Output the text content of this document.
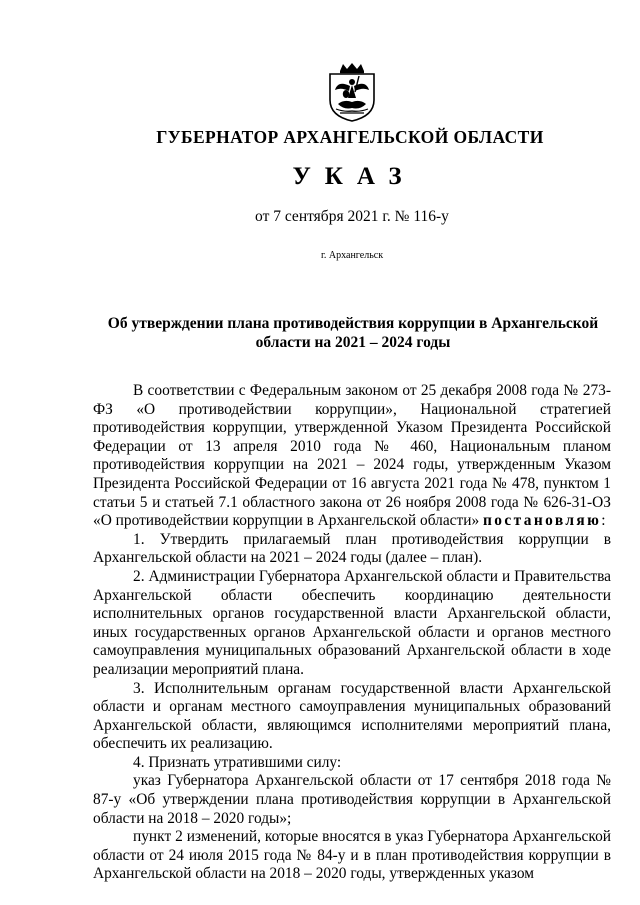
ГУБЕРНАТОР АРХАНГЕЛЬСКОЙ ОБЛАСТИ
УКАЗ
от 7 сентября 2021 г. № 116-у
г. Архангельск
Об утверждении плана противодействия коррупции в Архангельской
области на 2021 – 2024 годы

В соответствии с Федеральным законом от 25 декабря 2008 года № 273-ФЗ «О противодействии коррупции», Национальной стратегией противодействия коррупции, утвержденной Указом Президента Российской Федерации от 13 апреля 2010 года № 460, Национальным планом противодействия коррупции на 2021 – 2024 годы, утвержденным Указом Президента Российской Федерации от 16 августа 2021 года № 478, пунктом 1 статьи 5 и статьей 7.1 областного закона от 26 ноября 2008 года № 626-31-ОЗ «О противодействии коррупции в Архангельской области» постановляю:

1. Утвердить прилагаемый план противодействия коррупции в Архангельской области на 2021 – 2024 годы (далее – план).

2. Администрации Губернатора Архангельской области и Правительства Архангельской области обеспечить координацию деятельности исполнительных органов государственной власти Архангельской области, иных государственных органов Архангельской области и органов местного самоуправления муниципальных образований Архангельской области в ходе реализации мероприятий плана.

3. Исполнительным органам государственной власти Архангельской области и органам местного самоуправления муниципальных образований Архангельской области, являющимся исполнителями мероприятий плана, обеспечить их реализацию.

4. Признать утратившими силу:

указ Губернатора Архангельской области от 17 сентября 2018 года № 87-у «Об утверждении плана противодействия коррупции в Архангельской области на 2018 – 2020 годы»;

пункт 2 изменений, которые вносятся в указ Губернатора Архангельской области от 24 июля 2015 года № 84-у и в план противодействия коррупции в Архангельской области на 2018 – 2020 годы, утвержденных указом
